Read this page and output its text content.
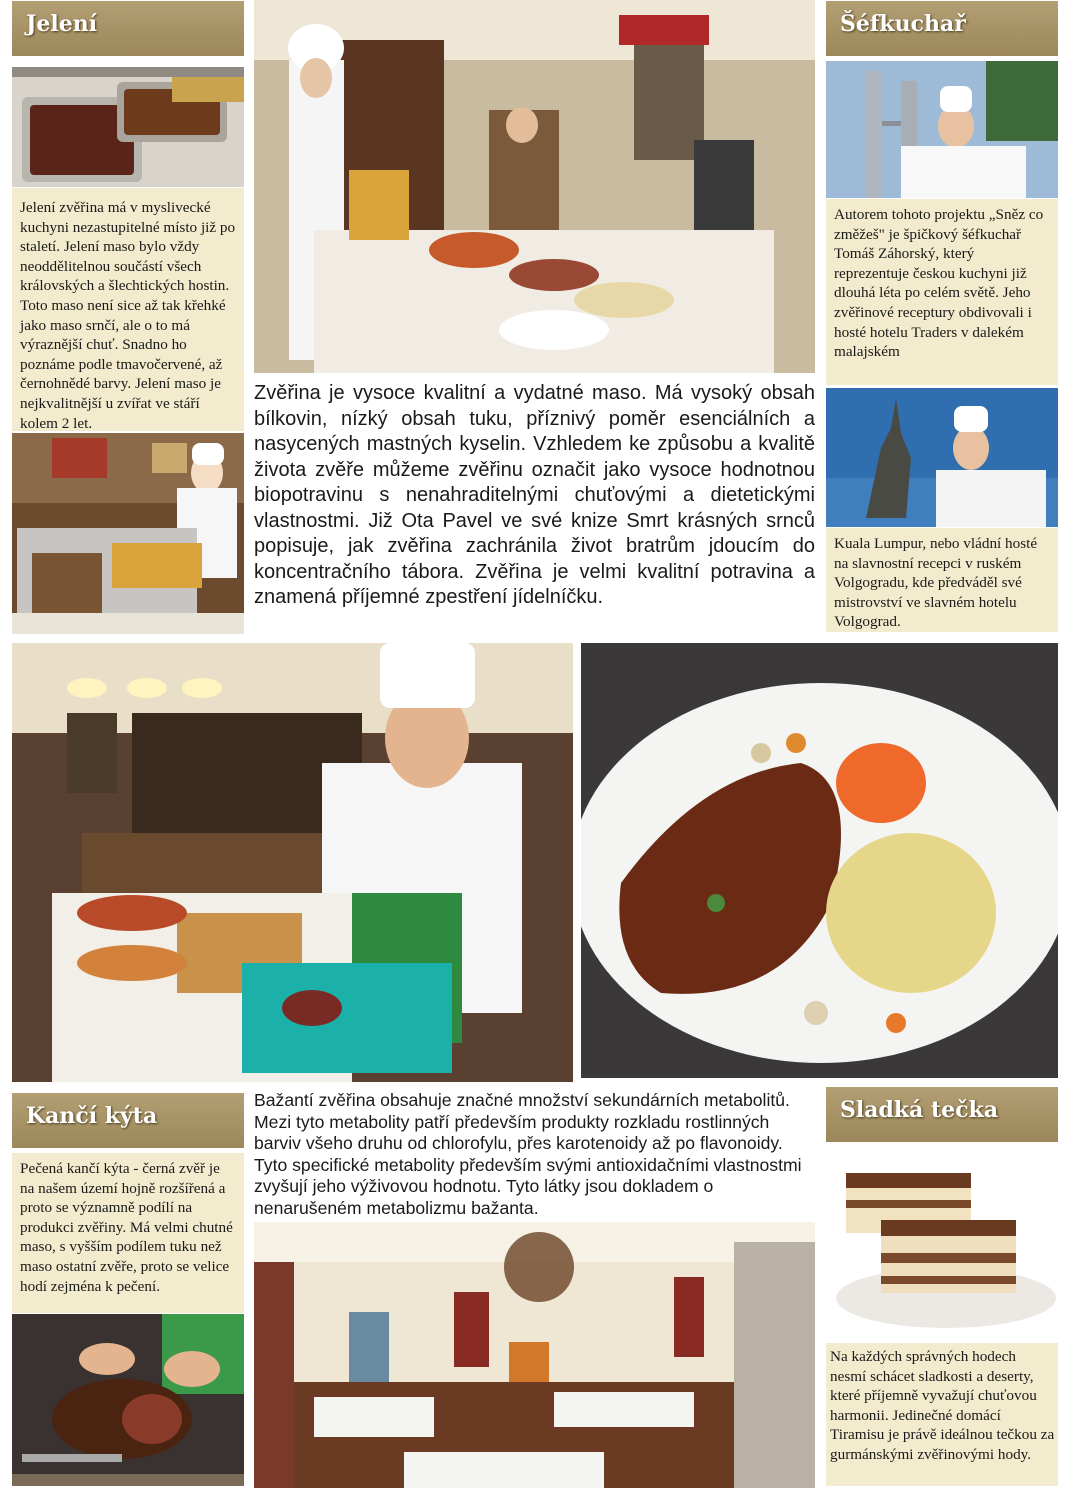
Jelení
Jelení zvěřina má v myslivecké kuchyni nezastupitelné místo již po staletí. Jelení maso bylo vždy neoddělitelnou součástí všech královských a šlechtických hostin. Toto maso není sice až tak křehké jako maso srnčí, ale o to má výraznější chuť. Snadno ho poznáme podle tmavočervené, až černohnědé barvy. Jelení maso je nejkvalitnější u zvířat ve stáří kolem 2 let.
Zvěřina je vysoce kvalitní a vydatné maso. Má vysoký obsah bílkovin, nízký obsah tuku, příznivý poměr esenciálních a nasycených mastných kyselin. Vzhledem ke způsobu a kvalitě života zvěře můžeme zvěřinu označit jako vysoce hodnotnou biopotravinu s nenahraditelnými chuťovými a dietetickými vlastnostmi. Již Ota Pavel ve své knize Smrt krásných srnců popisuje, jak zvěřina zachránila život bratrům jdoucím do koncentračního tábora. Zvěřina je velmi kvalitní potravina a znamená příjemné zpestření jídelníčku.
Šéfkuchař
Autorem tohoto projektu „Sněz co změžeš" je špičkový šéfkuchař Tomáš Záhorský, který reprezentuje českou kuchyni již dlouhá léta po celém světě. Jeho zvěřinové receptury obdivovali i hosté hotelu Traders v dalekém malajském
Kuala Lumpur, nebo vládní hosté na slavnostní recepci v ruském Volgogradu, kde předváděl své mistrovství ve slavném hotelu Volgograd.
Kančí kýta
Pečená kančí kýta - černá zvěř je na našem území hojně rozšířená a proto se významně podílí na produkci zvěřiny. Má velmi chutné maso, s vyšším podílem tuku než maso ostatní zvěře, proto se velice hodí zejména k pečení.
Bažantí zvěřina obsahuje značné množství sekundárních metabolitů. Mezi tyto metabolity patří především produkty rozkladu rostlinných barviv všeho druhu od chlorofylu, přes karotenoidy až po flavonoidy. Tyto specifické metabolity především svými antioxidačními vlastnostmi zvyšují jeho výživovou hodnotu. Tyto látky jsou dokladem o nenarušeném metabolizmu bažanta.
Sladká tečka
Na každých správných hodech nesmí schácet sladkosti a deserty, které příjemně vyvažují chuťovou harmonii. Jedinečné domácí Tiramisu je právě ideálnou tečkou za gurmánskými zvěřinovými hody.
